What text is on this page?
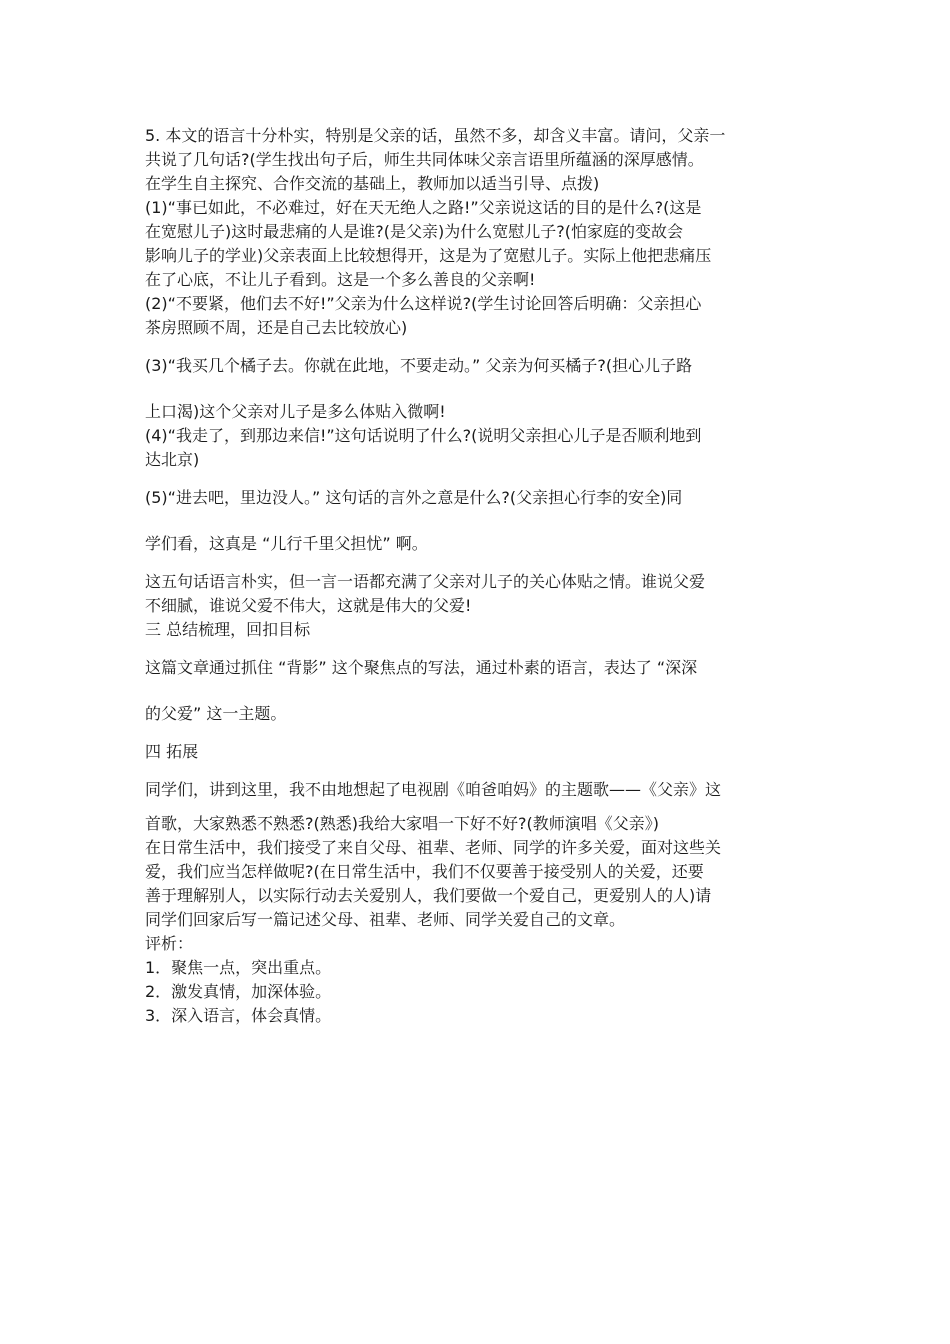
5. 本文的语言十分朴实，特别是父亲的话，虽然不多，却含义丰富。请问，父亲一

共说了几句话?(学生找出句子后，师生共同体味父亲言语里所蕴涵的深厚感情。

在学生自主探究、合作交流的基础上，教师加以适当引导、点拨)

(1)“事已如此，不必难过，好在天无绝人之路!”父亲说这话的目的是什么?(这是

在宽慰儿子)这时最悲痛的人是谁?(是父亲)为什么宽慰儿子?(怕家庭的变故会

影响儿子的学业)父亲表面上比较想得开，这是为了宽慰儿子。实际上他把悲痛压

在了心底，不让儿子看到。这是一个多么善良的父亲啊!

(2)“不要紧，他们去不好!”父亲为什么这样说?(学生讨论回答后明确：父亲担心

茶房照顾不周，还是自己去比较放心)

(3)“我买几个橘子去。你就在此地，不要走动。” 父亲为何买橘子?(担心儿子路

上口渴)这个父亲对儿子是多么体贴入微啊!

(4)“我走了，到那边来信!”这句话说明了什么?(说明父亲担心儿子是否顺利地到

达北京)

(5)“进去吧，里边没人。” 这句话的言外之意是什么?(父亲担心行李的安全)同

学们看，这真是 “儿行千里父担忧” 啊。

这五句话语言朴实，但一言一语都充满了父亲对儿子的关心体贴之情。谁说父爱

不细腻，谁说父爱不伟大，这就是伟大的父爱!

三 总结梳理，回扣目标

这篇文章通过抓住 “背影” 这个聚焦点的写法，通过朴素的语言，表达了 “深深

的父爱” 这一主题。

四 拓展

同学们，讲到这里，我不由地想起了电视剧《咱爸咱妈》的主题歌——《父亲》这

首歌，大家熟悉不熟悉?(熟悉)我给大家唱一下好不好?(教师演唱《父亲》)

在日常生活中，我们接受了来自父母、祖辈、老师、同学的许多关爱，面对这些关

爱，我们应当怎样做呢?(在日常生活中，我们不仅要善于接受别人的关爱，还要

善于理解别人，以实际行动去关爱别人，我们要做一个爱自己，更爱别人的人)请

同学们回家后写一篇记述父母、祖辈、老师、同学关爱自己的文章。

评析：

1．聚焦一点，突出重点。

2．激发真情，加深体验。

3．深入语言，体会真情。
